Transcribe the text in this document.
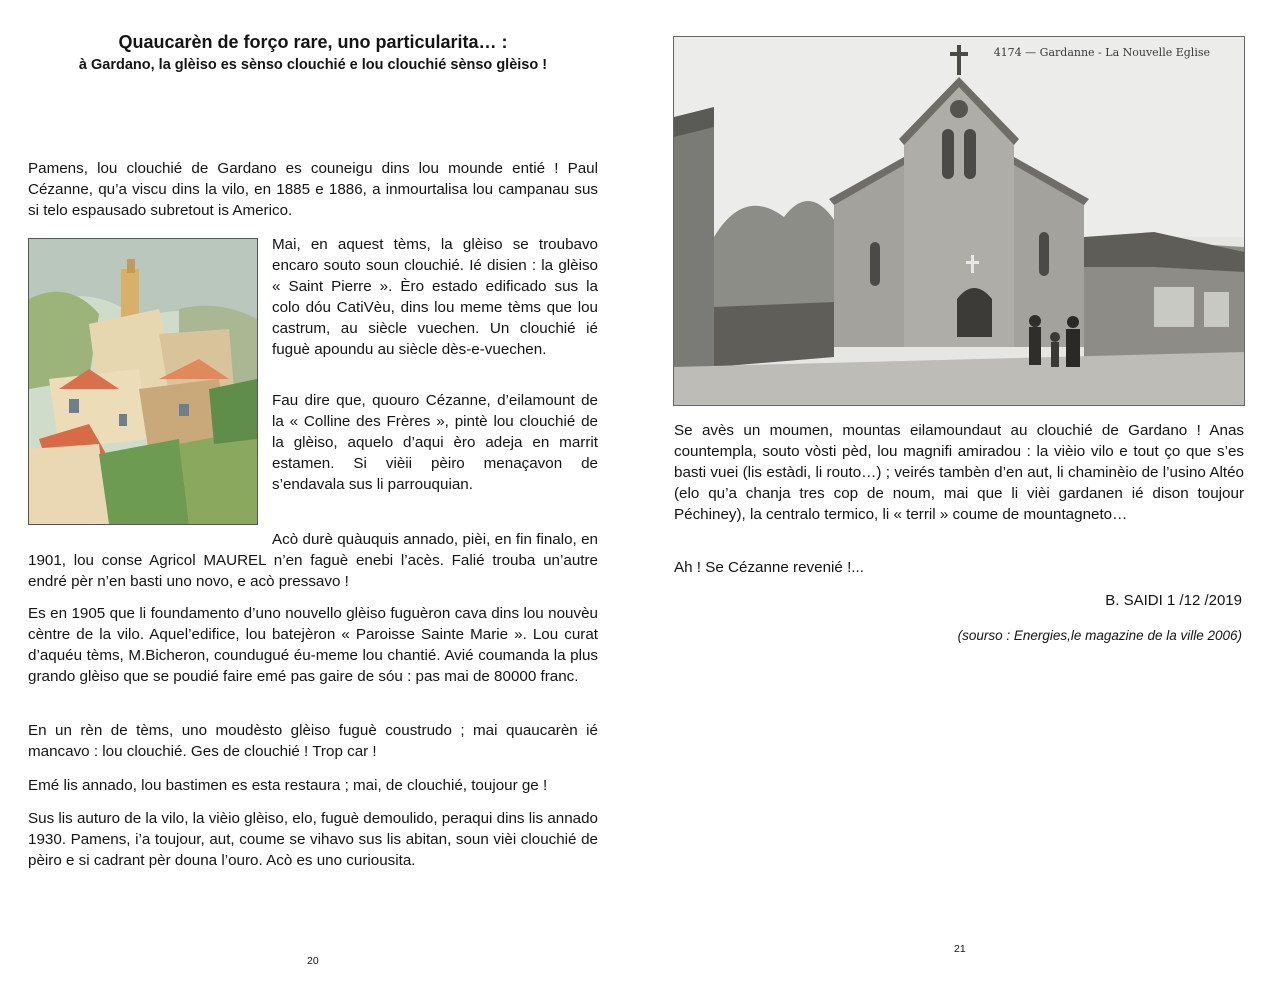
Quaucarèn de forço rare, uno particularita… :
à Gardano, la glèiso es sènso clouchié e lou clouchié sènso glèiso !

Pamens, lou clouchié de Gardano es couneigu dins lou mounde entié ! Paul Cézanne, qu’a viscu dins la vilo, en 1885 e 1886, a inmourtalisa lou campanau sus si telo espausado subretout is Americo.

Mai, en aquest tèms, la glèiso se troubavo encaro souto soun clouchié. Ié disien : la glèiso « Saint Pierre ». Èro estado edificado sus la colo dóu CatiVèu, dins lou meme tèms que lou castrum, au siècle vuechen. Un clouchié ié fuguè apoundu au siècle dès-e-vuechen.

Fau dire que, quouro Cézanne, d’eilamount de la « Colline des Frères », pintè lou clouchié de la glèiso, aquelo d’aqui èro adeja en marrit estamen. Si vièii pèiro menaçavon de s’endavala sus li parrouquian.

Acò durè quàuquis annado, pièi, en fin finalo, en 1901, lou conse Agricol MAUREL n’en faguè enebi l’acès. Falié trouba un’autre endré pèr n’en basti uno novo, e acò pressavo !

Es en 1905 que li foundamento d’uno nouvello glèiso fuguèron cava dins lou nouvèu cèntre de la vilo. Aquel’edifice, lou batejèron « Paroisse Sainte Marie ». Lou curat d’aquéu tèms, M.Bicheron, coundugué éu-meme lou chantié. Avié coumanda la plus grando glèiso que se poudié faire emé pas gaire de sóu : pas mai de 80000 franc.

En un rèn de tèms, uno moudèsto glèiso fuguè coustrudo ; mai quaucarèn ié mancavo : lou clouchié. Ges de clouchié ! Trop car !

Emé lis annado, lou bastimen es esta restaura ; mai, de clouchié, toujour ge !

Sus lis auturo de la vilo, la vièio glèiso, elo, fuguè demoulido, peraqui dins lis annado 1930. Pamens, i’a toujour, aut, coume se vihavo sus lis abitan, soun vièi clouchié de pèiro e si cadrant pèr douna l’ouro. Acò es uno curiousita.

20

4174 — Gardanne - La Nouvelle Eglise

Se avès un moumen, mountas eilamoundaut au clouchié de Gardano ! Anas countempla, souto vòsti pèd, lou magnifi amiradou : la vièio vilo e tout ço que s’es basti vuei (lis estàdi, li routo…) ; veirés tambèn d’en aut, li chaminèio de l’usino Altéo (elo qu’a chanja tres cop de noum, mai que li vièi gardanen ié dison toujour Péchiney), la centralo termico, li « terril » coume de mountagneto…

Ah ! Se Cézanne revenié !...

B. SAIDI 1 /12 /2019

(sourso : Energies,le magazine de la ville 2006)

21
